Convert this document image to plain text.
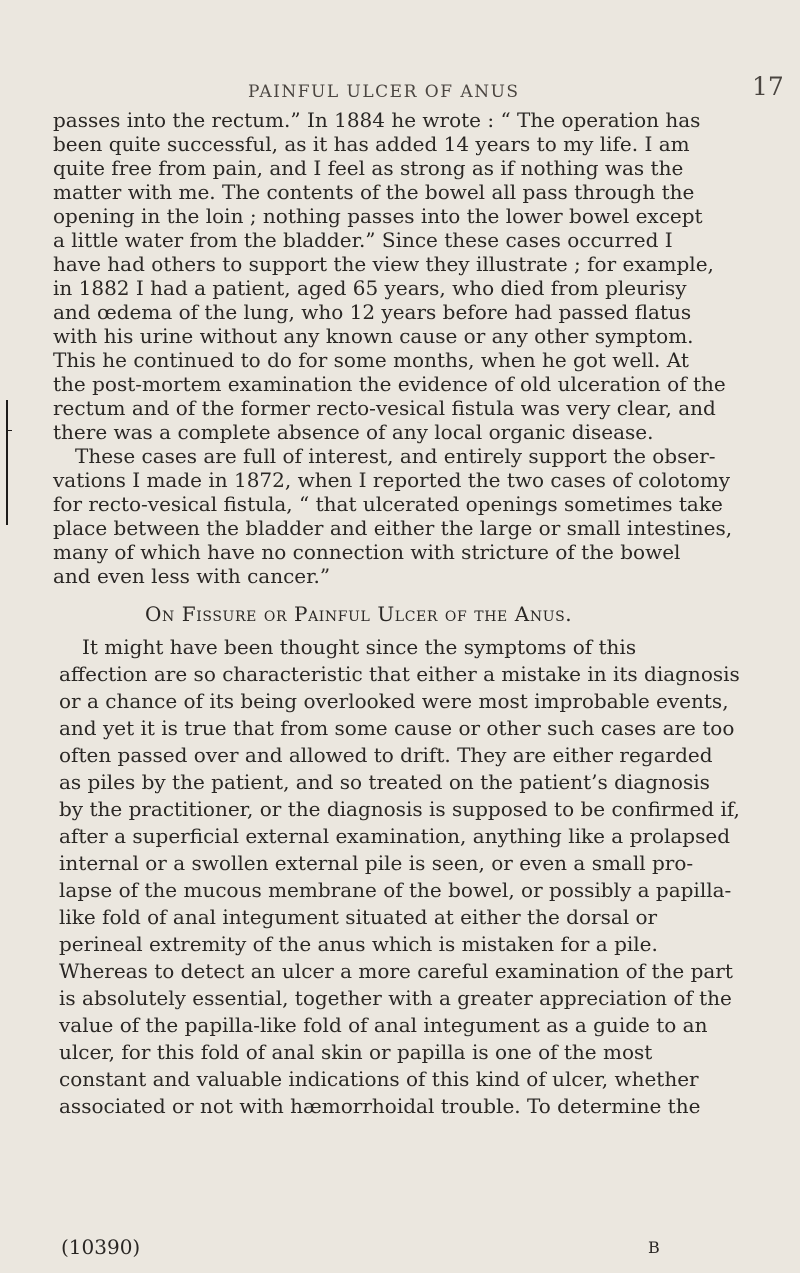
PAINFUL ULCER OF ANUS	17
passes into the rectum.” In 1884 he wrote : “ The operation has
been quite successful, as it has added 14 years to my life. I am
quite free from pain, and I feel as strong as if nothing was the
matter with me. The contents of the bowel all pass through the
opening in the loin ; nothing passes into the lower bowel except
a little water from the bladder.” Since these cases occurred I
have had others to support the view they illustrate ; for example,
in 1882 I had a patient, aged 65 years, who died from pleurisy
and œdema of the lung, who 12 years before had passed flatus
with his urine without any known cause or any other symptom.
This he continued to do for some months, when he got well. At
the post-mortem examination the evidence of old ulceration of the
rectum and of the former recto-vesical fistula was very clear, and
there was a complete absence of any local organic disease.
These cases are full of interest, and entirely support the obser-
vations I made in 1872, when I reported the two cases of colotomy
for recto-vesical fistula, “ that ulcerated openings sometimes take
place between the bladder and either the large or small intestines,
many of which have no connection with stricture of the bowel
and even less with cancer.”
On Fissure or Painful Ulcer of the Anus.
It might have been thought since the symptoms of this
affection are so characteristic that either a mistake in its diagnosis
or a chance of its being overlooked were most improbable events,
and yet it is true that from some cause or other such cases are too
often passed over and allowed to drift. They are either regarded
as piles by the patient, and so treated on the patient’s diagnosis
by the practitioner, or the diagnosis is supposed to be confirmed if,
after a superficial external examination, anything like a prolapsed
internal or a swollen external pile is seen, or even a small pro-
lapse of the mucous membrane of the bowel, or possibly a papilla-
like fold of anal integument situated at either the dorsal or
perineal extremity of the anus which is mistaken for a pile.
Whereas to detect an ulcer a more careful examination of the part
is absolutely essential, together with a greater appreciation of the
value of the papilla-like fold of anal integument as a guide to an
ulcer, for this fold of anal skin or papilla is one of the most
constant and valuable indications of this kind of ulcer, whether
associated or not with hæmorrhoidal trouble. To determine the
(10390)	B
